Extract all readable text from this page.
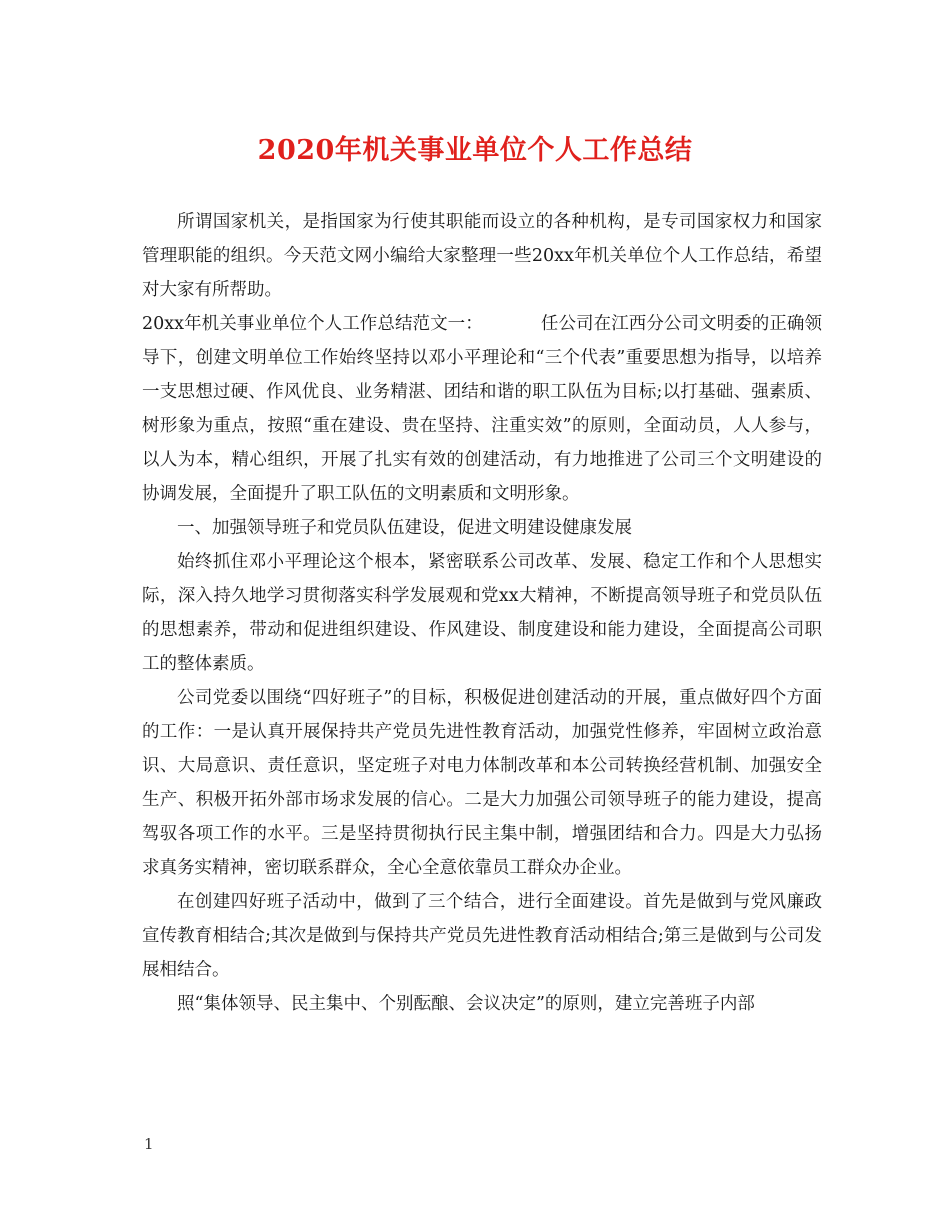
2020年机关事业单位个人工作总结

所谓国家机关，是指国家为行使其职能而设立的各种机构，是专司国家权力和国家管理职能的组织。今天范文网小编给大家整理一些20xx年机关单位个人工作总结，希望对大家有所帮助。

20xx年机关事业单位个人工作总结范文一：	任公司在江西分公司文明委的正确领导下，创建文明单位工作始终坚持以邓小平理论和“三个代表”重要思想为指导，以培养一支思想过硬、作风优良、业务精湛、团结和谐的职工队伍为目标;以打基础、强素质、树形象为重点，按照“重在建设、贵在坚持、注重实效”的原则，全面动员，人人参与，以人为本，精心组织，开展了扎实有效的创建活动，有力地推进了公司三个文明建设的协调发展，全面提升了职工队伍的文明素质和文明形象。

一、加强领导班子和党员队伍建设，促进文明建设健康发展

始终抓住邓小平理论这个根本，紧密联系公司改革、发展、稳定工作和个人思想实际，深入持久地学习贯彻落实科学发展观和党xx大精神，不断提高领导班子和党员队伍的思想素养，带动和促进组织建设、作风建设、制度建设和能力建设，全面提高公司职工的整体素质。

公司党委以围绕“四好班子”的目标，积极促进创建活动的开展，重点做好四个方面的工作：一是认真开展保持共产党员先进性教育活动，加强党性修养，牢固树立政治意识、大局意识、责任意识，坚定班子对电力体制改革和本公司转换经营机制、加强安全生产、积极开拓外部市场求发展的信心。二是大力加强公司领导班子的能力建设，提高驾驭各项工作的水平。三是坚持贯彻执行民主集中制，增强团结和合力。四是大力弘扬求真务实精神，密切联系群众，全心全意依靠员工群众办企业。

在创建四好班子活动中，做到了三个结合，进行全面建设。首先是做到与党风廉政宣传教育相结合;其次是做到与保持共产党员先进性教育活动相结合;第三是做到与公司发展相结合。

照“集体领导、民主集中、个别酝酿、会议决定”的原则，建立完善班子内部

1
